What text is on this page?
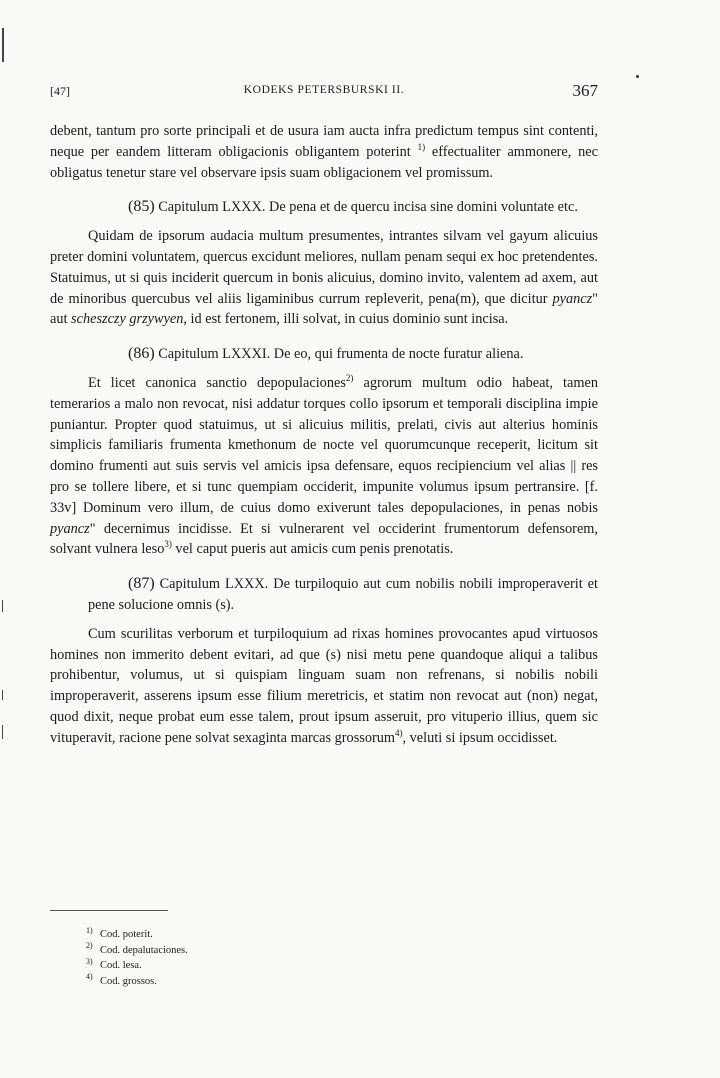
[47]	KODEKS PETERSBURSKI II.	367

debent, tantum pro sorte principali et de usura iam aucta infra predictum tempus sint contenti, neque per eandem litteram obligacionis obligantem poterint $^{1)}$ effectualiter ammonere, nec obligatus tenetur stare vel observare ipsis suam obligacionem vel promissum.

(85) Capitulum LXXX. De pena et de quercu incisa sine domini voluntate etc.

Quidam de ipsorum audacia multum presumentes, intrantes silvam vel gayum alicuius preter domini voluntatem, quercus excidunt meliores, nullam penam sequi ex hoc pretendentes. Statuimus, ut si quis inciderit quercum in bonis alicuius, domino invito, valentem ad axem, aut de minoribus quercubus vel aliis ligaminibus currum repleverit, pena(m), que dicitur pyancz" aut scheszczy grzywyen, id est fertonem, illi solvat, in cuius dominio sunt incisa.

(86) Capitulum LXXXI. De eo, qui frumenta de nocte furatur aliena.

Et licet canonica sanctio depopulaciones$^{2)}$ agrorum multum odio habeat, tamen temerarios a malo non revocat, nisi addatur torques collo ipsorum et temporali disciplina impie puniantur. Propter quod statuimus, ut si alicuius militis, prelati, civis aut alterius hominis simplicis familiaris frumenta kmethonum de nocte vel quorumcunque receperit, licitum sit domino frumenti aut suis servis vel amicis ipsa defensare, equos recipiencium vel alias || res pro se tollere libere, et si tunc quempiam occiderit, impunite volumus ipsum pertransire. [f. 33v] Dominum vero illum, de cuius domo exiverunt tales depopulaciones, in penas nobis pyancz" decernimus incidisse. Et si vulnerarent vel occiderint frumentorum defensorem, solvant vulnera leso$^{3)}$ vel caput pueris aut amicis cum penis prenotatis.

(87) Capitulum LXXX. De turpiloquio aut cum nobilis nobili improperaverit et pene solucione omnis (s).

Cum scurilitas verborum et turpiloquium ad rixas homines provocantes apud virtuosos homines non immerito debent evitari, ad que (s) nisi metu pene quandoque aliqui a talibus prohibentur, volumus, ut si quispiam linguam suam non refrenans, si nobilis nobili improperaverit, asserens ipsum esse filium meretricis, et statim non revocat aut (non) negat, quod dixit, neque probat eum esse talem, prout ipsum asseruit, pro vituperio illius, quem sic vituperavit, racione pene solvat sexaginta marcas grossorum$^{4)}$, veluti si ipsum occidisset.

1) Cod. poterit.
2) Cod. depalutaciones.
3) Cod. lesa.
4) Cod. grossos.
